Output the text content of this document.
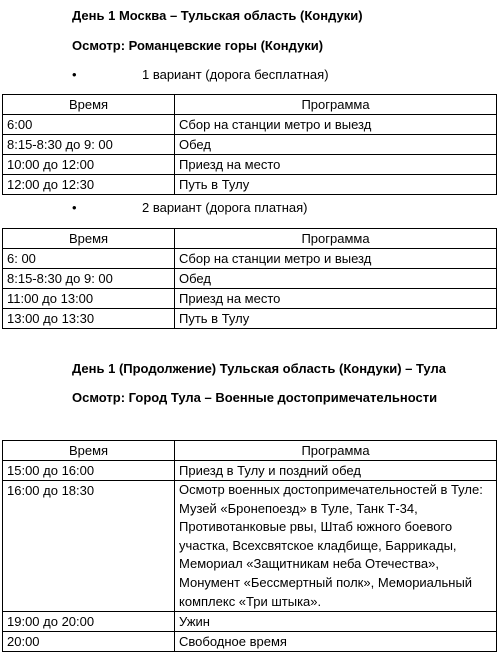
День 1 Москва – Тульская область (Кондуки)
Осмотр: Романцевские горы (Кондуки)
•	1 вариант (дорога бесплатная)
Время	Программа
6:00	Сбор на станции метро и выезд
8:15-8:30 до 9: 00	Обед
10:00 до 12:00	Приезд на место
12:00 до 12:30	Путь в Тулу
•	2 вариант (дорога платная)
Время	Программа
6: 00	Сбор на станции метро и выезд
8:15-8:30 до 9: 00	Обед
11:00 до 13:00	Приезд на место
13:00 до 13:30	Путь в Тулу
День 1 (Продолжение) Тульская область (Кондуки) – Тула
Осмотр: Город Тула – Военные достопримечательности
Время	Программа
15:00 до 16:00	Приезд в Тулу и поздний обед
16:00 до 18:30	Осмотр военных достопримечательностей в Туле: Музей «Бронепоезд» в Туле, Танк Т-34, Противотанковые рвы, Штаб южного боевого участка, Всехсвятское кладбище, Баррикады, Мемориал «Защитникам неба Отечества», Монумент «Бессмертный полк», Мемориальный комплекс «Три штыка».
19:00 до 20:00	Ужин
20:00	Свободное время
